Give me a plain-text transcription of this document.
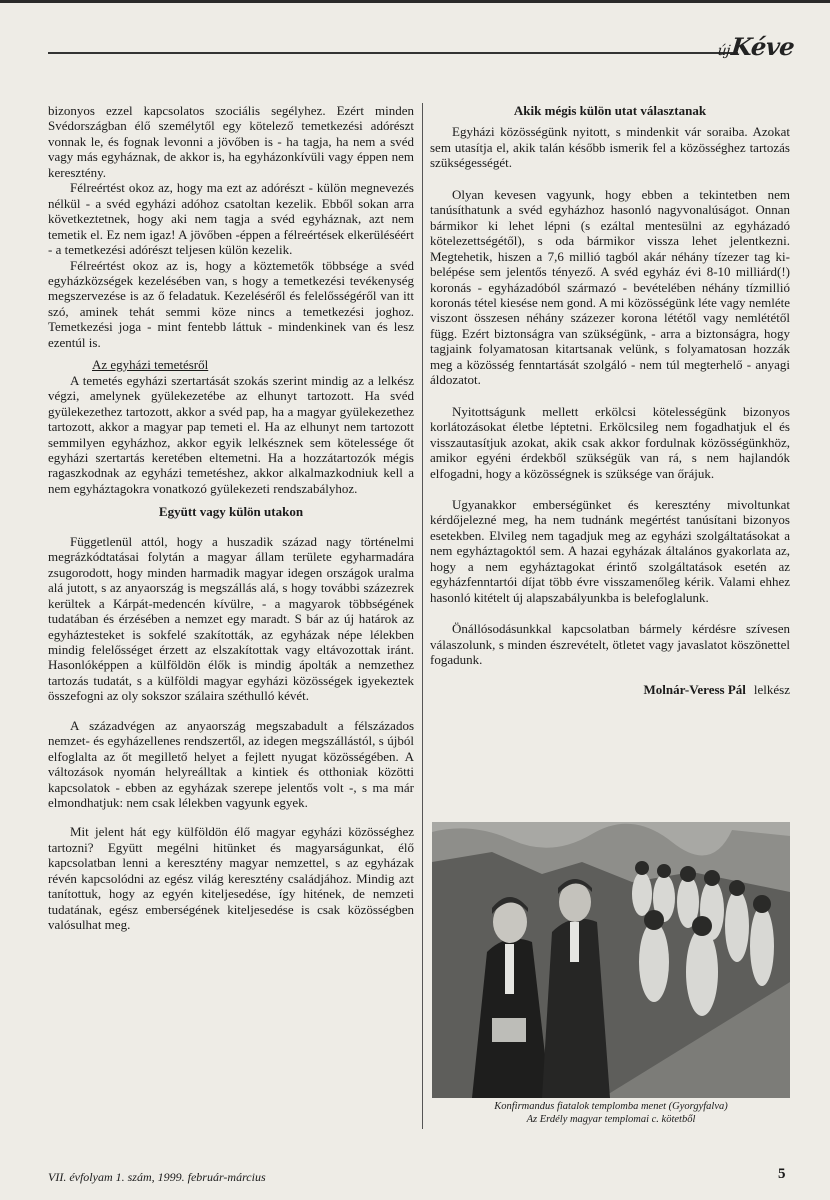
újKéve

bizonyos ezzel kapcsolatos szociális segélyhez. Ezért minden Svédországban élő személytől egy kötelező temetkezési adórészt vonnak le, és fognak levonni a jövőben is - ha tagja, ha nem a svéd vagy más egyháznak, de akkor is, ha egyházonkívüli vagy éppen nem keresztény.

Félreértést okoz az, hogy ma ezt az adórészt - külön megnevezés nélkül - a svéd egyházi adóhoz csatoltan kezelik. Ebből sokan arra következtetnek, hogy aki nem tagja a svéd egyháznak, azt nem temetik el. Ez nem igaz! A jövőben -éppen a félreértések elkerüléséért - a temetkezési adórészt teljesen külön kezelik.

Félreértést okoz az is, hogy a köztemetők többsége a svéd egyházközségek kezelésében van, s hogy a temetkezési tevékenység megszervezése is az ő feladatuk. Kezeléséről és felelősségéről van itt szó, aminek tehát semmi köze nincs a temetkezési joghoz. Temetkezési joga - mint fentebb láttuk - mindenkinek van és lesz ezentúl is.

Az egyházi temetésről

A temetés egyházi szertartását szokás szerint mindig az a lelkész végzi, amelynek gyülekezetébe az elhunyt tartozott. Ha svéd gyülekezethez tartozott, akkor a svéd pap, ha a magyar gyülekezethez tartozott, akkor a magyar pap temeti el. Ha az elhunyt nem tartozott semmilyen egyházhoz, akkor egyik lelkésznek sem kötelessége őt egyházi szertartás keretében eltemetni. Ha a hozzátartozók mégis ragaszkodnak az egyházi temetéshez, akkor alkalmazkodniuk kell a nem egyháztagokra vonatkozó gyülekezeti rendszabályhoz.

Együtt vagy külön utakon

Függetlenül attól, hogy a huszadik század nagy történelmi megrázkódtatásai folytán a magyar állam területe egyharmadára zsugorodott, hogy minden harmadik magyar idegen országok uralma alá jutott, s az anyaország is megszállás alá, s hogy további százezrek kerültek a Kárpát-medencén kívülre, - a magyarok többségének tudatában és érzésében a nemzet egy maradt. S bár az új határok az egyháztesteket is sokfelé szakították, az egyházak népe lélekben mindig felelősséget érzett az elszakítottak vagy eltávozottak iránt. Hasonlóképpen a külföldön élők is mindig ápolták a nemzethez tartozás tudatát, s a külföldi magyar egyházi közösségek igyekeztek összefogni az oly sokszor szálaira széthulló kévét.

A századvégen az anyaország megszabadult a félszázados nemzet- és egyházellenes rendszertől, az idegen megszállástól, s újból elfoglalta az őt megillető helyet a fejlett nyugat közösségében. A változások nyomán helyreálltak a kintiek és otthoniak közötti kapcsolatok - ebben az egyházak szerepe jelentős volt -, s ma már elmondhatjuk: nem csak lélekben vagyunk egyek.

Mit jelent hát egy külföldön élő magyar egyházi közösséghez tartozni? Együtt megélni hitünket és magyarságunkat, élő kapcsolatban lenni a keresztény magyar nemzettel, s az egyházak révén kapcsolódni az egész világ keresztény családjához. Mindig azt tanítottuk, hogy az egyén kiteljesedése, így hitének, de nemzeti tudatának, egész emberségének kiteljesedése is csak közösségben valósulhat meg.

Akik mégis külön utat választanak

Egyházi közösségünk nyitott, s mindenkit vár soraiba. Azokat sem utasítja el, akik talán később ismerik fel a közösséghez tartozás szükségességét.

Olyan kevesen vagyunk, hogy ebben a tekintetben nem tanúsíthatunk a svéd egyházhoz hasonló nagyvonalúságot. Onnan bármikor ki lehet lépni (s ezáltal mentesülni az egyházadó kötelezettségétől), s oda bármikor vissza lehet jelentkezni. Megtehetik, hiszen a 7,6 millió tagból akár néhány tízezer tag ki-belépése sem jelentős tényező. A svéd egyház évi 8-10 milliárd(!) koronás - egyházadóból származó - bevételében néhány tízmillió koronás tétel kiesése nem gond. A mi közösségünk léte vagy nemléte viszont összesen néhány százezer korona lététől vagy nemlététől függ. Ezért biztonságra van szükségünk, - arra a biztonságra, hogy tagjaink folyamatosan kitartsanak velünk, s folyamatosan hozzák meg a közösség fenntartását szolgáló - nem túl megterhelő - anyagi áldozatot.

Nyitottságunk mellett erkölcsi kötelességünk bizonyos korlátozásokat életbe léptetni. Erkölcsileg nem fogadhatjuk el és visszautasítjuk azokat, akik csak akkor fordulnak közösségünkhöz, amikor egyéni érdekből szükségük van rá, s nem hajlandók elfogadni, hogy a közösségnek is szüksége van őrájuk.

Ugyanakkor emberségünket és keresztény mivoltunkat kérdőjelezné meg, ha nem tudnánk megértést tanúsítani bizonyos esetekben. Elvileg nem tagadjuk meg az egyházi szolgáltatásokat a nem egyháztagoktól sem. A hazai egyházak általános gyakorlata az, hogy a nem egyháztagokat érintő szolgáltatások esetén az egyházfenntartói díjat több évre visszamenőleg kérik. Valami ehhez hasonló kitételt új alapszabályunkba is belefoglalunk.

Önállósodásunkkal kapcsolatban bármely kérdésre szívesen válaszolunk, s minden észrevételt, ötletet vagy javaslatot köszönettel fogadunk.

Molnár-Veress Pál lelkész

Konfirmandus fiatalok templomba menet (Gyorgyfalva)
Az Erdély magyar templomai c. kötetből
VII. évfolyam 1. szám, 1999. február-március	5
